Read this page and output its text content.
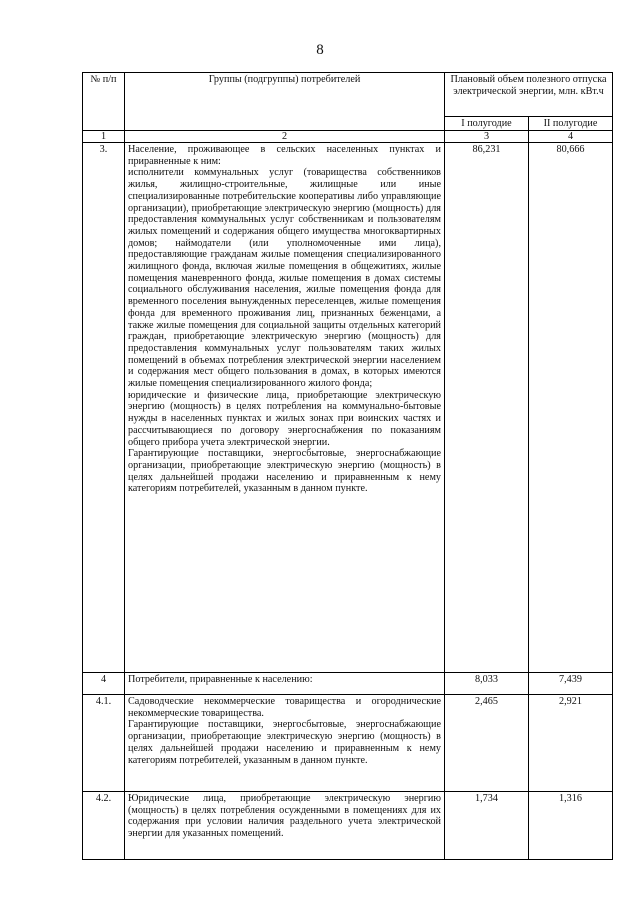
8
№ п/п	Группы (подгруппы) потребителей	Плановый объем полезного отпуска электрической энергии, млн. кВт.ч	
		I полугодие	II полугодие
1	2	3	4
3.	Население, проживающее в сельских населенных пунктах и приравненные к ним:

исполнители коммунальных услуг (товарищества собственников жилья, жилищно-строительные, жилищные или иные специализированные потребительские кооперативы либо управляющие организации), приобретающие электрическую энергию (мощность) для предоставления коммунальных услуг собственникам и пользователям жилых помещений и содержания общего имущества многоквартирных домов; наймодатели (или уполномоченные ими лица), предоставляющие гражданам жилые помещения специализированного жилищного фонда, включая жилые помещения в общежитиях, жилые помещения маневренного фонда, жилые помещения в домах системы социального обслуживания населения, жилые помещения фонда для временного поселения вынужденных переселенцев, жилые помещения фонда для временного проживания лиц, признанных беженцами, а также жилые помещения для социальной защиты отдельных категорий граждан, приобретающие электрическую энергию (мощность) для предоставления коммунальных услуг пользователям таких жилых помещений в объемах потребления электрической энергии населением и содержания мест общего пользования в домах, в которых имеются жилые помещения специализированного жилого фонда;

юридические и физические лица, приобретающие электрическую энергию (мощность) в целях потребления на коммунально-бытовые нужды в населенных пунктах и жилых зонах при воинских частях и рассчитывающиеся по договору энергоснабжения по показаниям общего прибора учета электрической энергии.

Гарантирующие поставщики, энергосбытовые, энергоснабжающие организации, приобретающие электрическую энергию (мощность) в целях дальнейшей продажи населению и приравненным к нему категориям потребителей, указанным в данном пункте.	86,231	80,666
4	Потребители, приравненные к населению:	8,033	7,439
4.1.	Садоводческие некоммерческие товарищества и огороднические некоммерческие товарищества.

Гарантирующие поставщики, энергосбытовые, энергоснабжающие организации, приобретающие электрическую энергию (мощность) в целях дальнейшей продажи населению и приравненным к нему категориям потребителей, указанным в данном пункте.	2,465	2,921
4.2.	Юридические лица, приобретающие электрическую энергию (мощность) в целях потребления осужденными в помещениях для их содержания при условии наличия раздельного учета электрической энергии для указанных помещений.	1,734	1,316
